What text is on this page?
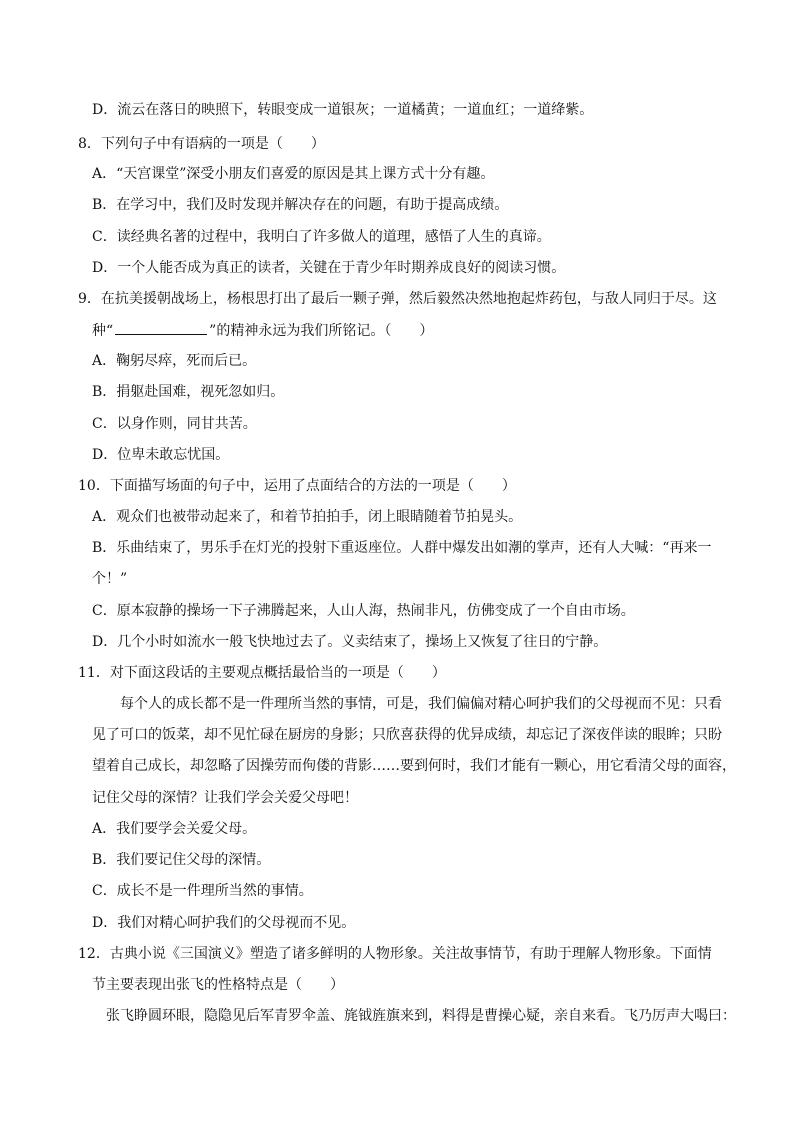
D．流云在落日的映照下，转眼变成一道银灰；一道橘黄；一道血红；一道绛紫。
8．下列句子中有语病的一项是（　　）
A．“天宫课堂”深受小朋友们喜爱的原因是其上课方式十分有趣。
B．在学习中，我们及时发现并解决存在的问题，有助于提高成绩。
C．读经典名著的过程中，我明白了许多做人的道理，感悟了人生的真谛。
D．一个人能否成为真正的读者，关键在于青少年时期养成良好的阅读习惯。
9．在抗美援朝战场上，杨根思打出了最后一颗子弹，然后毅然决然地抱起炸药包，与敌人同归于尽。这
种“	”的精神永远为我们所铭记。（　　）
A．鞠躬尽瘁，死而后已。
B．捐躯赴国难，视死忽如归。
C．以身作则，同甘共苦。
D．位卑未敢忘忧国。
10．下面描写场面的句子中，运用了点面结合的方法的一项是（　　）
A．观众们也被带动起来了，和着节拍拍手，闭上眼睛随着节拍晃头。
B．乐曲结束了，男乐手在灯光的投射下重返座位。人群中爆发出如潮的掌声，还有人大喊：“再来一
个！”
C．原本寂静的操场一下子沸腾起来，人山人海，热闹非凡，仿佛变成了一个自由市场。
D．几个小时如流水一般飞快地过去了。义卖结束了，操场上又恢复了往日的宁静。
11．对下面这段话的主要观点概括最恰当的一项是（　　）
每个人的成长都不是一件理所当然的事情，可是，我们偏偏对精心呵护我们的父母视而不见：只看
见了可口的饭菜，却不见忙碌在厨房的身影；只欣喜获得的优异成绩，却忘记了深夜伴读的眼眸；只盼
望着自己成长，却忽略了因操劳而佝偻的背影……要到何时，我们才能有一颗心，用它看清父母的面容，
记住父母的深情？让我们学会关爱父母吧！
A．我们要学会关爱父母。
B．我们要记住父母的深情。
C．成长不是一件理所当然的事情。
D．我们对精心呵护我们的父母视而不见。
12．古典小说《三国演义》塑造了诸多鲜明的人物形象。关注故事情节，有助于理解人物形象。下面情
节主要表现出张飞的性格特点是（　　）
张飞睁圆环眼，隐隐见后军青罗伞盖、旄钺旌旗来到，料得是曹操心疑，亲自来看。飞乃厉声大喝曰：
